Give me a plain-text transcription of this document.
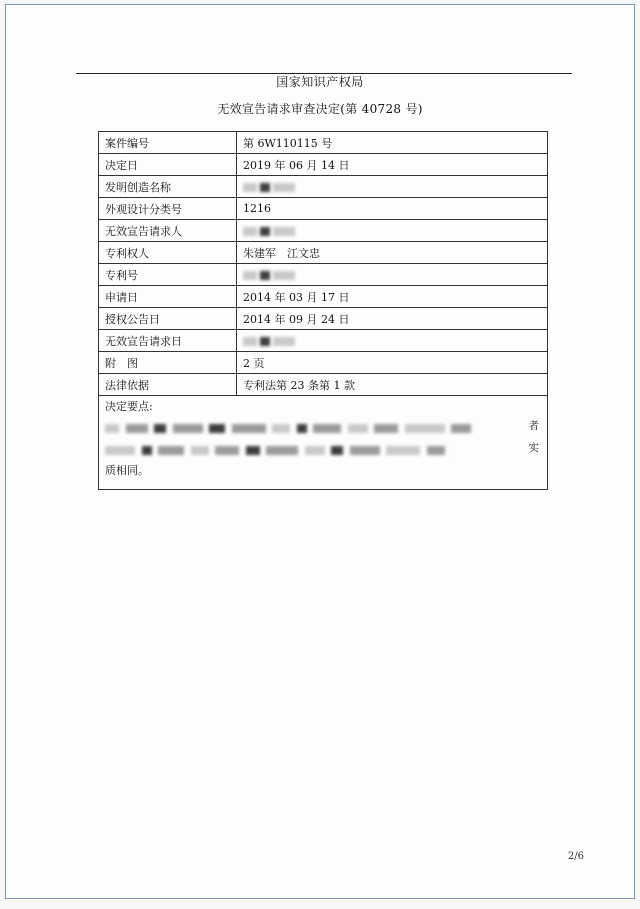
国家知识产权局
无效宣告请求审查决定(第 40728 号)
案件编号	第 6W110115 号
决定日	2019 年 06 月 14 日
发明创造名称	
外观设计分类号	1216
无效宣告请求人	
专利权人	朱建军　江文忠
专利号	
申请日	2014 年 03 月 17 日
授权公告日	2014 年 09 月 24 日
无效宣告请求日	
附　图	2 页
法律依据	专利法第 23 条第 1 款
决定要点:

者

实
质相同。	
2/6
